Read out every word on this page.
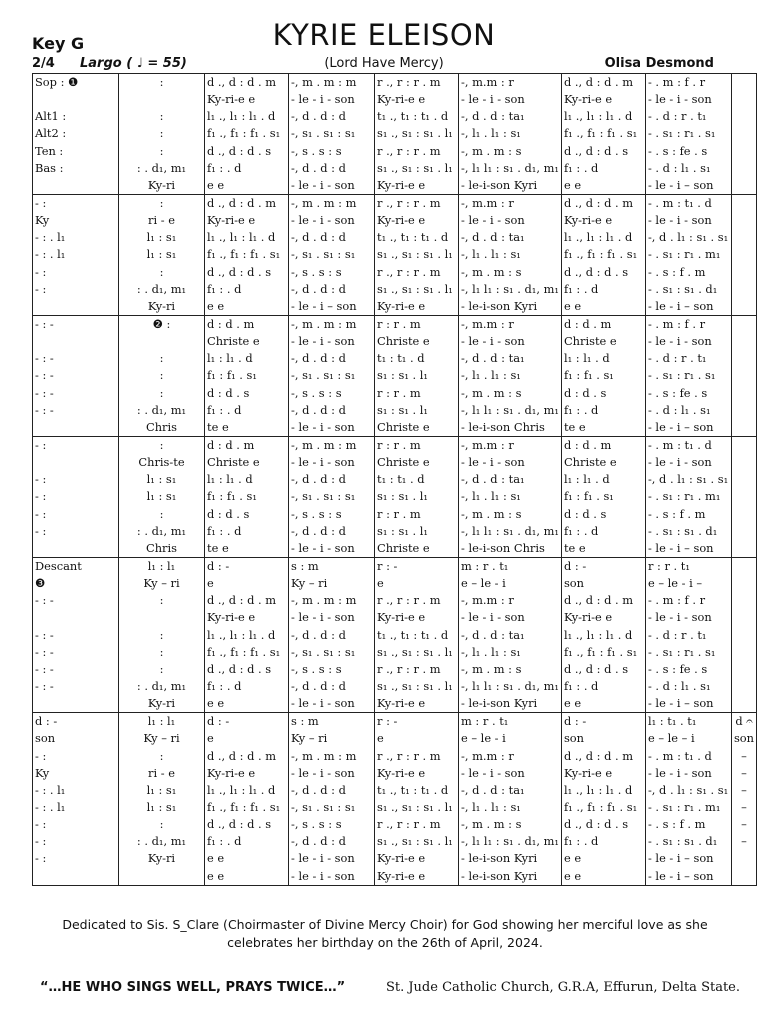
Key G	KYRIE ELEISON
2/4 Largo ( ♩ = 55)	(Lord Have Mercy)	Olisa Desmond
Sop : ❶	:	d ., d : d . m	-, m . m : m	r ., r : r . m	-, m.m : r	d ., d : d . m	- . m : f . r	
		Ky-ri-e e	- le - i - son	Ky-ri-e e	- le - i - son	Ky-ri-e e	- le - i - son	
Alt1 :	:	l₁ ., l₁ : l₁ . d	-, d . d : d	t₁ ., t₁ : t₁ . d	-, d . d : ta₁	l₁ ., l₁ : l₁ . d	- . d : r . t₁	
Alt2 :	:	f₁ ., f₁ : f₁ . s₁	-, s₁ . s₁ : s₁	s₁ ., s₁ : s₁ . l₁	-, l₁ . l₁ : s₁	f₁ ., f₁ : f₁ . s₁	- . s₁ : r₁ . s₁	
Ten :	:	d ., d : d . s	-, s . s : s	r ., r : r . m	-, m . m : s	d ., d : d . s	- . s : fe . s	
Bas :	: . d₁, m₁	f₁ : . d	-, d . d : d	s₁ ., s₁ : s₁ . l₁	-, l₁ l₁ : s₁ . d₁, m₁	f₁ : . d	- . d : l₁ . s₁	
	Ky-ri	e e	- le - i - son	Ky-ri-e e	- le-i-son Kyri	e e	- le - i – son	
- :	:	d ., d : d . m	-, m . m : m	r ., r : r . m	-, m.m : r	d ., d : d . m	- . m : t₁ . d	
Ky	ri - e	Ky-ri-e e	- le - i - son	Ky-ri-e e	- le - i - son	Ky-ri-e e	- le - i - son	
- : . l₁	l₁ : s₁	l₁ ., l₁ : l₁ . d	-, d . d : d	t₁ ., t₁ : t₁ . d	-, d . d : ta₁	l₁ ., l₁ : l₁ . d	-, d . l₁ : s₁ . s₁	
- : . l₁	l₁ : s₁	f₁ ., f₁ : f₁ . s₁	-, s₁ . s₁ : s₁	s₁ ., s₁ : s₁ . l₁	-, l₁ . l₁ : s₁	f₁ ., f₁ : f₁ . s₁	- . s₁ : r₁ . m₁	
- :	:	d ., d : d . s	-, s . s : s	r ., r : r . m	-, m . m : s	d ., d : d . s	- . s : f . m	
- :	: . d₁, m₁	f₁ : . d	-, d . d : d	s₁ ., s₁ : s₁ . l₁	-, l₁ l₁ : s₁ . d₁, m₁	f₁ : . d	- . s₁ : s₁ . d₁	
	Ky-ri	e e	- le - i – son	Ky-ri-e e	- le-i-son Kyri	e e	- le - i – son	
- : -	❷ :	d : d . m	-, m . m : m	r : r . m	-, m.m : r	d : d . m	- . m : f . r	
		Christe e	- le - i - son	Christe e	- le - i - son	Christe e	- le - i - son	
- : -	:	l₁ : l₁ . d	-, d . d : d	t₁ : t₁ . d	-, d . d : ta₁	l₁ : l₁ . d	- . d : r . t₁	
- : -	:	f₁ : f₁ . s₁	-, s₁ . s₁ : s₁	s₁ : s₁ . l₁	-, l₁ . l₁ : s₁	f₁ : f₁ . s₁	- . s₁ : r₁ . s₁	
- : -	:	d : d . s	-, s . s : s	r : r . m	-, m . m : s	d : d . s	- . s : fe . s	
- : -	: . d₁, m₁	f₁ : . d	-, d . d : d	s₁ : s₁ . l₁	-, l₁ l₁ : s₁ . d₁, m₁	f₁ : . d	- . d : l₁ . s₁	
	Chris	te e	- le - i - son	Christe e	- le-i-son Chris	te e	- le - i – son	
- :	:	d : d . m	-, m . m : m	r : r . m	-, m.m : r	d : d . m	- . m : t₁ . d	
	Chris-te	Christe e	- le - i - son	Christe e	- le - i - son	Christe e	- le - i - son	
- :	l₁ : s₁	l₁ : l₁ . d	-, d . d : d	t₁ : t₁ . d	-, d . d : ta₁	l₁ : l₁ . d	-, d . l₁ : s₁ . s₁	
- :	l₁ : s₁	f₁ : f₁ . s₁	-, s₁ . s₁ : s₁	s₁ : s₁ . l₁	-, l₁ . l₁ : s₁	f₁ : f₁ . s₁	- . s₁ : r₁ . m₁	
- :	:	d : d . s	-, s . s : s	r : r . m	-, m . m : s	d : d . s	- . s : f . m	
- :	: . d₁, m₁	f₁ : . d	-, d . d : d	s₁ : s₁ . l₁	-, l₁ l₁ : s₁ . d₁, m₁	f₁ : . d	- . s₁ : s₁ . d₁	
	Chris	te e	- le - i - son	Christe e	- le-i-son Chris	te e	- le - i – son	
Descant	l₁ : l₁	d : -	s : m	r : -	m : r . t₁	d : -	r : r . t₁	
❸	Ky – ri	e	Ky – ri	e	e – le - i	son	e – le - i –	
- : -	:	d ., d : d . m	-, m . m : m	r ., r : r . m	-, m.m : r	d ., d : d . m	- . m : f . r	
		Ky-ri-e e	- le - i - son	Ky-ri-e e	- le - i - son	Ky-ri-e e	- le - i - son	
- : -	:	l₁ ., l₁ : l₁ . d	-, d . d : d	t₁ ., t₁ : t₁ . d	-, d . d : ta₁	l₁ ., l₁ : l₁ . d	- . d : r . t₁	
- : -	:	f₁ ., f₁ : f₁ . s₁	-, s₁ . s₁ : s₁	s₁ ., s₁ : s₁ . l₁	-, l₁ . l₁ : s₁	f₁ ., f₁ : f₁ . s₁	- . s₁ : r₁ . s₁	
- : -	:	d ., d : d . s	-, s . s : s	r ., r : r . m	-, m . m : s	d ., d : d . s	- . s : fe . s	
- : -	: . d₁, m₁	f₁ : . d	-, d . d : d	s₁ ., s₁ : s₁ . l₁	-, l₁ l₁ : s₁ . d₁, m₁	f₁ : . d	- . d : l₁ . s₁	
	Ky-ri	e e	- le - i - son	Ky-ri-e e	- le-i-son Kyri	e e	- le - i – son	
d : -	l₁ : l₁	d : -	s : m	r : -	m : r . t₁	d : -	l₁ : t₁ . t₁	d 𝄐
son	Ky – ri	e	Ky – ri	e	e – le - i	son	e – le – i	son
- :	:	d ., d : d . m	-, m . m : m	r ., r : r . m	-, m.m : r	d ., d : d . m	- . m : t₁ . d	–
Ky	ri - e	Ky-ri-e e	- le - i - son	Ky-ri-e e	- le - i - son	Ky-ri-e e	- le - i - son	–
- : . l₁	l₁ : s₁	l₁ ., l₁ : l₁ . d	-, d . d : d	t₁ ., t₁ : t₁ . d	-, d . d : ta₁	l₁ ., l₁ : l₁ . d	-, d . l₁ : s₁ . s₁	–
- : . l₁	l₁ : s₁	f₁ ., f₁ : f₁ . s₁	-, s₁ . s₁ : s₁	s₁ ., s₁ : s₁ . l₁	-, l₁ . l₁ : s₁	f₁ ., f₁ : f₁ . s₁	- . s₁ : r₁ . m₁	–
- :	:	d ., d : d . s	-, s . s : s	r ., r : r . m	-, m . m : s	d ., d : d . s	- . s : f . m	–
- :	: . d₁, m₁	f₁ : . d	-, d . d : d	s₁ ., s₁ : s₁ . l₁	-, l₁ l₁ : s₁ . d₁, m₁	f₁ : . d	- . s₁ : s₁ . d₁	–
- :	Ky-ri	e e	- le - i - son	Ky-ri-e e	- le-i-son Kyri	e e	- le - i – son	
		e e	- le - i - son	Ky-ri-e e	- le-i-son Kyri	e e	- le - i – son	
Dedicated to Sis. S_Clare (Choirmaster of Divine Mercy Choir) for God showing her merciful love as she
celebrates her birthday on the 26th of April, 2024.
“…HE WHO SINGS WELL, PRAYS TWICE…”	St. Jude Catholic Church, G.R.A, Effurun, Delta State.
